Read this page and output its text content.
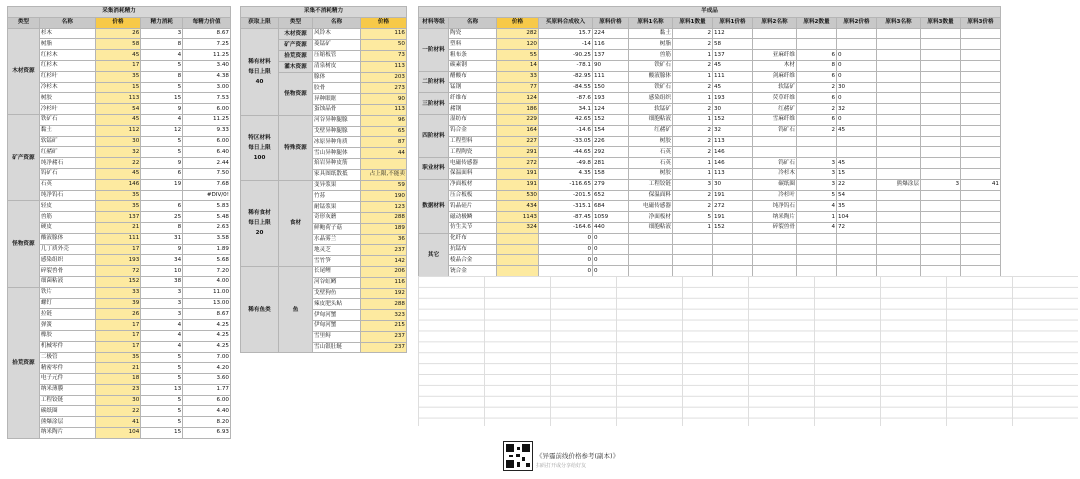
采集消耗精力				
类型	名称	价格	精力消耗	每精力价值
木材资源	杉木	26	3	8.67
	树脂	58	8	7.25
	红杉木	45	4	11.25
	红杉木	17	5	3.40
	红杉叶	35	8	4.38
	冷杉木	15	5	3.00
	树胶	113	15	7.53
	冷杉叶	54	9	6.00
矿产资源	铁矿石	45	4	11.25
	黏土	112	12	9.33
	软锰矿	30	5	6.00
	红赭矿	32	5	6.40
	纯净赭石	22	9	2.44
	钨矿石	45	6	7.50
	石英	146	19	7.68
	纯净钨石	35		#DIV/0!
怪物资源	轻皮	35	6	5.83
	兽筋	137	25	5.48
	硬皮	21	8	2.63
	酸液腺体	111	31	3.58
	几丁质外壳	17	9	1.89
	感染组织	193	34	5.68
	碎裂兽骨	72	10	7.20
	细菌粘液	152	38	4.00
拾荒资源	铁片	33	3	11.00
	螺钉	39	3	13.00
	拉链	26	3	8.67
	弹簧	17	4	4.25
	橡胶	17	4	4.25
	机械零件	17	4	4.25
	二极管	35	5	7.00
	精密零件	21	5	4.20
	电子元件	18	5	3.60
	纳米薄膜	23	13	1.77
	工程铰链	30	5	6.00
	碳纸圈	22	5	4.40
	熊爆涂层	41	5	8.20
	纳米陶片	104	15	6.93
采集不消耗精力			
获取上限	类型	名称	价格
稀有材料
每日上限
40	木材资源	风铃木	116
	矿产资源	菱锰矿	50
	拾荒资源	压缩板管	73
	灌木资源	清泉树皮	113
	怪物资源	腺体	203
		胶骨	273
		异种眼眶	90
		蛋蚀晶骨	113
特区材料
每日上限
100	特殊资源	河谷异种腿腺	96
		戈壁异种腿腺	65
		冰原异种角质	87
		雪山异种腿体	44
		焰岩异种皮筋	
		家具图纸散抵	占上限,不能卖
稀有食材
每日上限
20	食材	变异浆果	59
		竹荪	190
		耐锰浆果	123
		奇形灰蘑	288
		鲜鲍荷子菇	189
		水晶雾兰	36
		地灵芝	237
		雪竹笋	142
稀有鱼类	鱼	长尾鲤	206
		河谷虹鳟	116
		戈壁狗鱼	192
		辣皮肥头鲇	288
		伊甸河蟹	323
		伊甸河蟹	215
		雪里鲟	237
		雪山银肚鲢	237
半成品													
材料等级	名称	价格	买原料合成收入	原料价格	原料1名称	原料1数量	原料1价格	原料2名称	原料2数量	原料2价格	原料3名称	原料3数量	原料3价格
一阶材料	陶瓷	282	15.7	224	黏土	2	112						
	塑料	120	-14	116	树脂	2	58						
	粗布条	55	-90.25	137	兽筋	1	137	亚麻纤维	6	0			
	碳素钢	14	-78.1	90	铁矿石	2	45	木材	8	0			
二阶材料	醋酸布	33	-82.95	111	酸液腺体	1	111	剑麻纤维	6	0			
	锰钢	77	-84.55	150	铁矿石	2	45	软锰矿	2	30			
三阶材料	纤维布	124	-87.6	193	感染组织	1	193	荧草纤维	6	0			
	赭钢	186	34.1	124	软锰矿	2	30	红赭矿	2	32			
四阶材料	湿纺布	229	42.65	152	细胞粘液	1	152	雪麻纤维	6	0			
	钨合金	164	-14.6	154	红赭矿	2	32	钨矿石	2	45			
	工程塑料	227	-33.05	226	树胶	2	113						
	工程陶瓷	291	-44.65	292	石英	2	146						
职业材料	电磁传感器	272	-49.8	281	石英	1	146	钨矿石	3	45			
	保温面料	191	4.35	158	树胶	1	113	冷杉木	3	15			
数据材料	净面板材	191	-116.65	279	工程铰链	3	30	碳纸圈	3	22	熊爆涂层	3	41
	压合板板	530	-201.5	652	保温面料	2	191	冷杉叶	5	54			
	钨晶硅片	434	-315.1	684	电磁传感器	2	272	纯净钨石	4	35			
	磁动极鳞	1143	-87.45	1059	净面板材	5	191	纳米陶片	1	104			
	仿生关节	324	-164.6	440	细胞粘液	1	152	碎裂兽骨	4	72			
其它	化纤布		0	0									
	抗锰布		0	0									
	棱晶合金		0	0									
	铳合金		0	0									
《异霾前线价格参考(副本)》
扫码打开或分享给好友
